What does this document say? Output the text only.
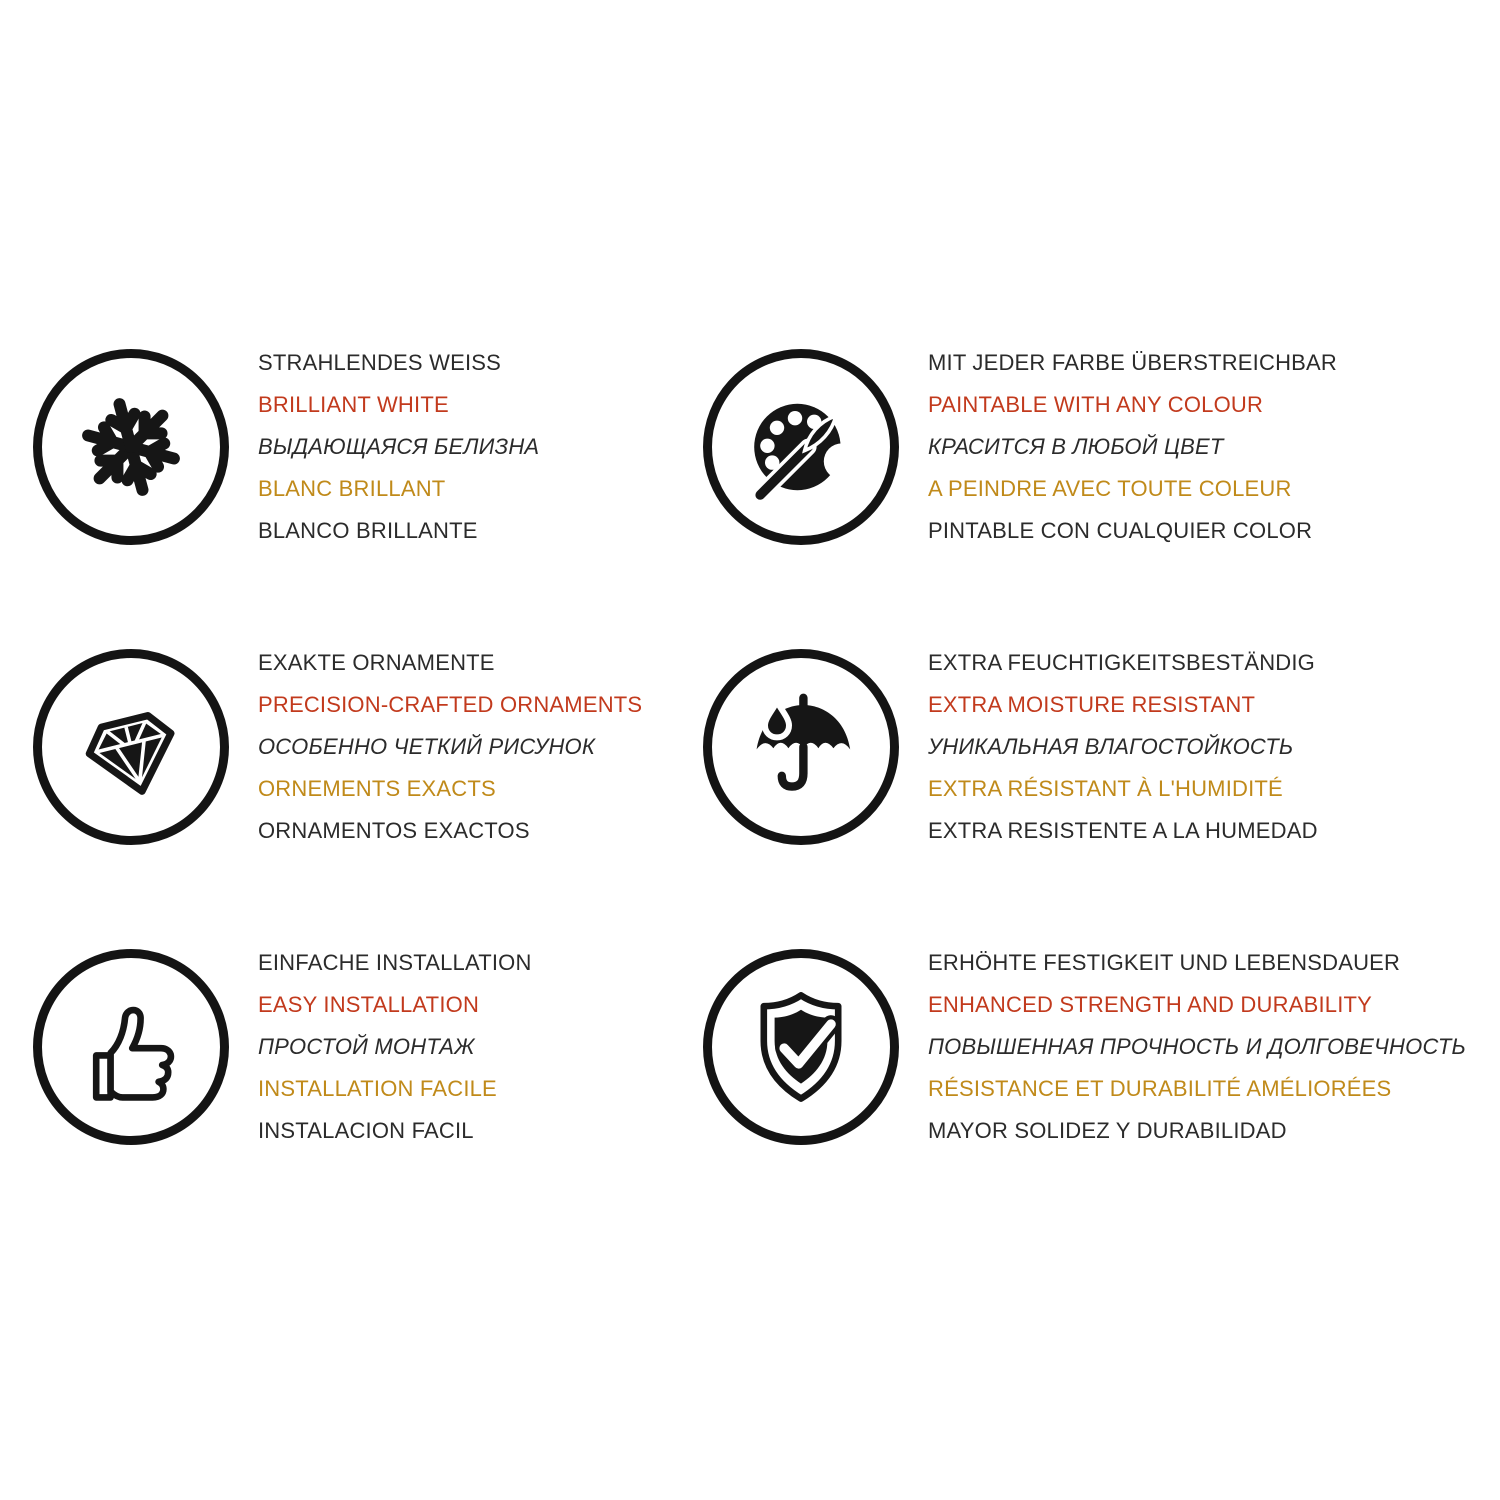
STRAHLENDES WEISS
BRILLIANT WHITE
ВЫДАЮЩАЯСЯ БЕЛИЗНА
BLANC BRILLANT
BLANCO BRILLANTE
MIT JEDER FARBE ÜBERSTREICHBAR
PAINTABLE WITH ANY COLOUR
КРАСИТСЯ В ЛЮБОЙ ЦВЕТ
A PEINDRE AVEC TOUTE COLEUR
PINTABLE CON CUALQUIER COLOR
EXAKTE ORNAMENTE
PRECISION-CRAFTED ORNAMENTS
ОСОБЕННО ЧЕТКИЙ РИСУНОК
ORNEMENTS EXACTS
ORNAMENTOS EXACTOS
EXTRA FEUCHTIGKEITSBESTÄNDIG
EXTRA MOISTURE RESISTANT
УНИКАЛЬНАЯ ВЛАГОСТОЙКОСТЬ
EXTRA RÉSISTANT À L'HUMIDITÉ
EXTRA RESISTENTE A LA HUMEDAD
EINFACHE INSTALLATION
EASY INSTALLATION
ПРОСТОЙ МОНТАЖ
INSTALLATION FACILE
INSTALACION FACIL
ERHÖHTE FESTIGKEIT UND LEBENSDAUER
ENHANCED STRENGTH AND DURABILITY
ПОВЫШЕННАЯ ПРОЧНОСТЬ И ДОЛГОВЕЧНОСТЬ
RÉSISTANCE ET DURABILITÉ AMÉLIORÉES
MAYOR SOLIDEZ Y DURABILIDAD
